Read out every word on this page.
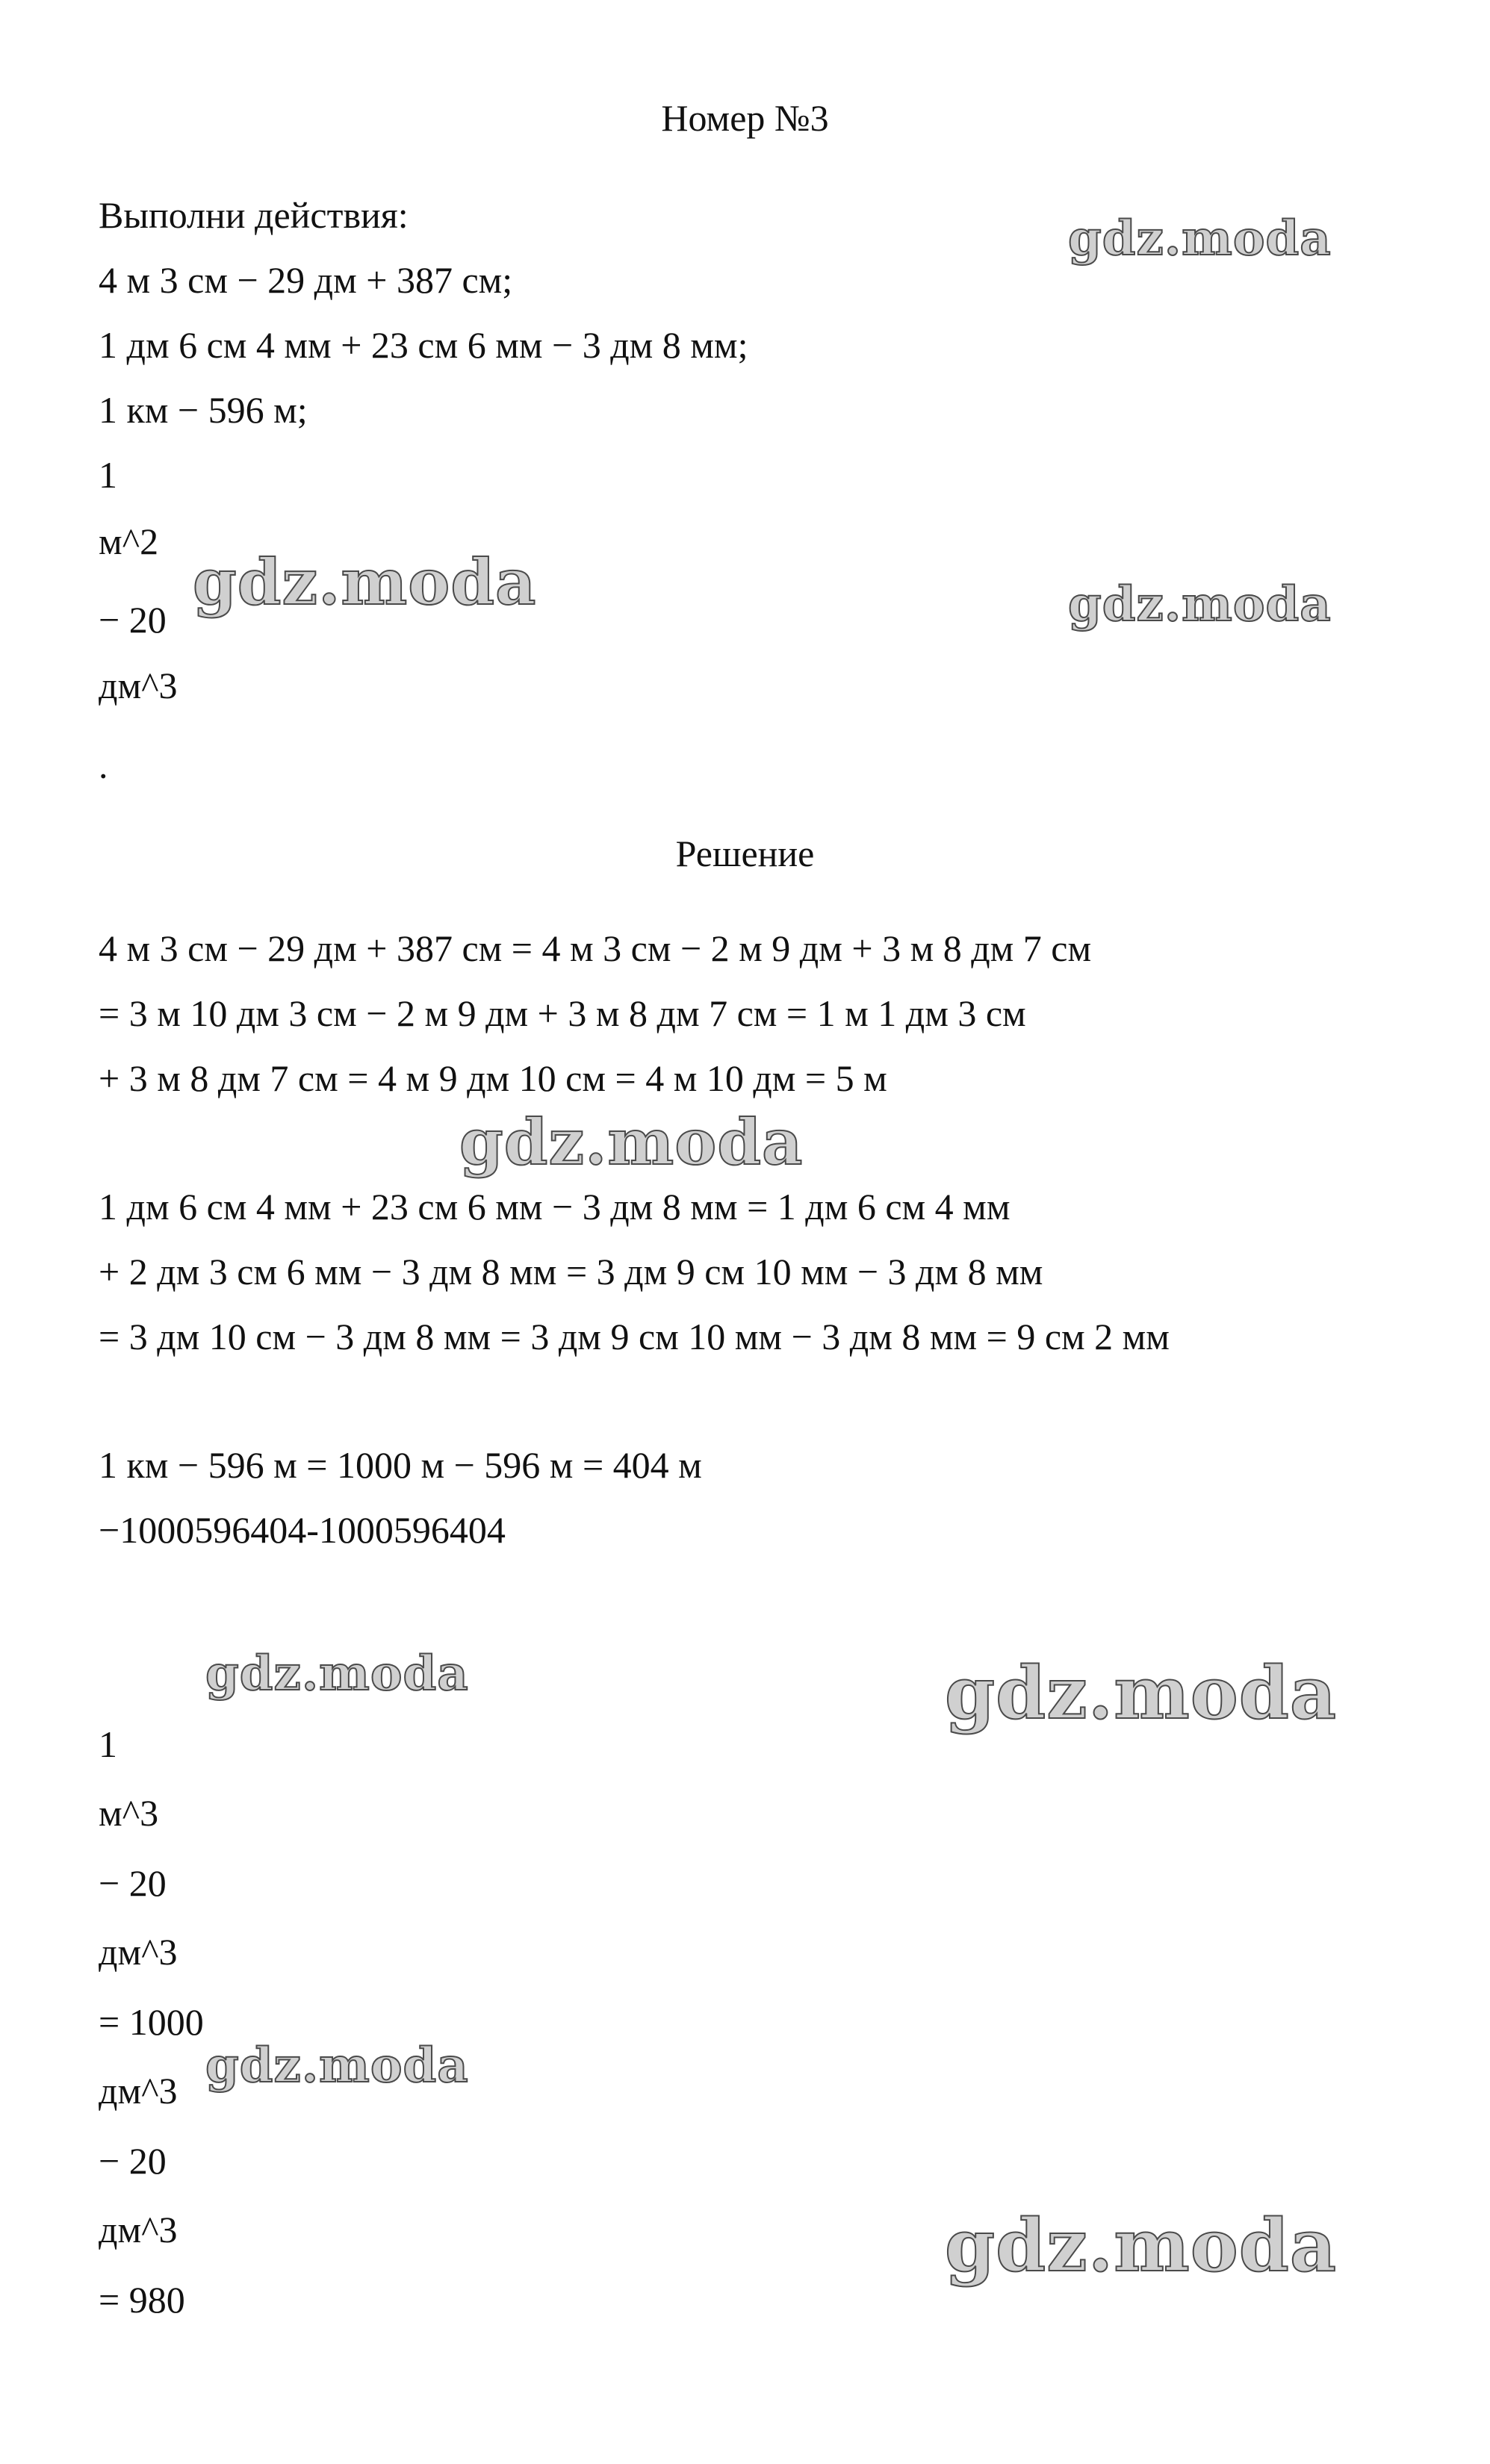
Номер №3
Выполни действия:
4 м 3 см − 29 дм + 387 см;
1 дм 6 см 4 мм + 23 см 6 мм − 3 дм 8 мм;
1 км − 596 м;
1
м^2
− 20
дм^3
.
Решение
4 м 3 см − 29 дм + 387 см = 4 м 3 см − 2 м 9 дм + 3 м 8 дм 7 см
= 3 м 10 дм 3 см − 2 м 9 дм + 3 м 8 дм 7 см = 1 м 1 дм 3 см
+ 3 м 8 дм 7 см = 4 м 9 дм 10 см = 4 м 10 дм = 5 м
1 дм 6 см 4 мм + 23 см 6 мм − 3 дм 8 мм = 1 дм 6 см 4 мм
+ 2 дм 3 см 6 мм − 3 дм 8 мм = 3 дм 9 см 10 мм − 3 дм 8 мм
= 3 дм 10 см − 3 дм 8 мм = 3 дм 9 см 10 мм − 3 дм 8 мм = 9 см 2 мм
1 км − 596 м = 1000 м − 596 м = 404 м
−1000596404-1000596404
1
м^3
− 20
дм^3
= 1000
дм^3
− 20
дм^3
= 980
gdz.moda
gdz.moda	gdz.moda
gdz.moda
gdz.moda	gdz.moda
gdz.moda
gdz.moda
